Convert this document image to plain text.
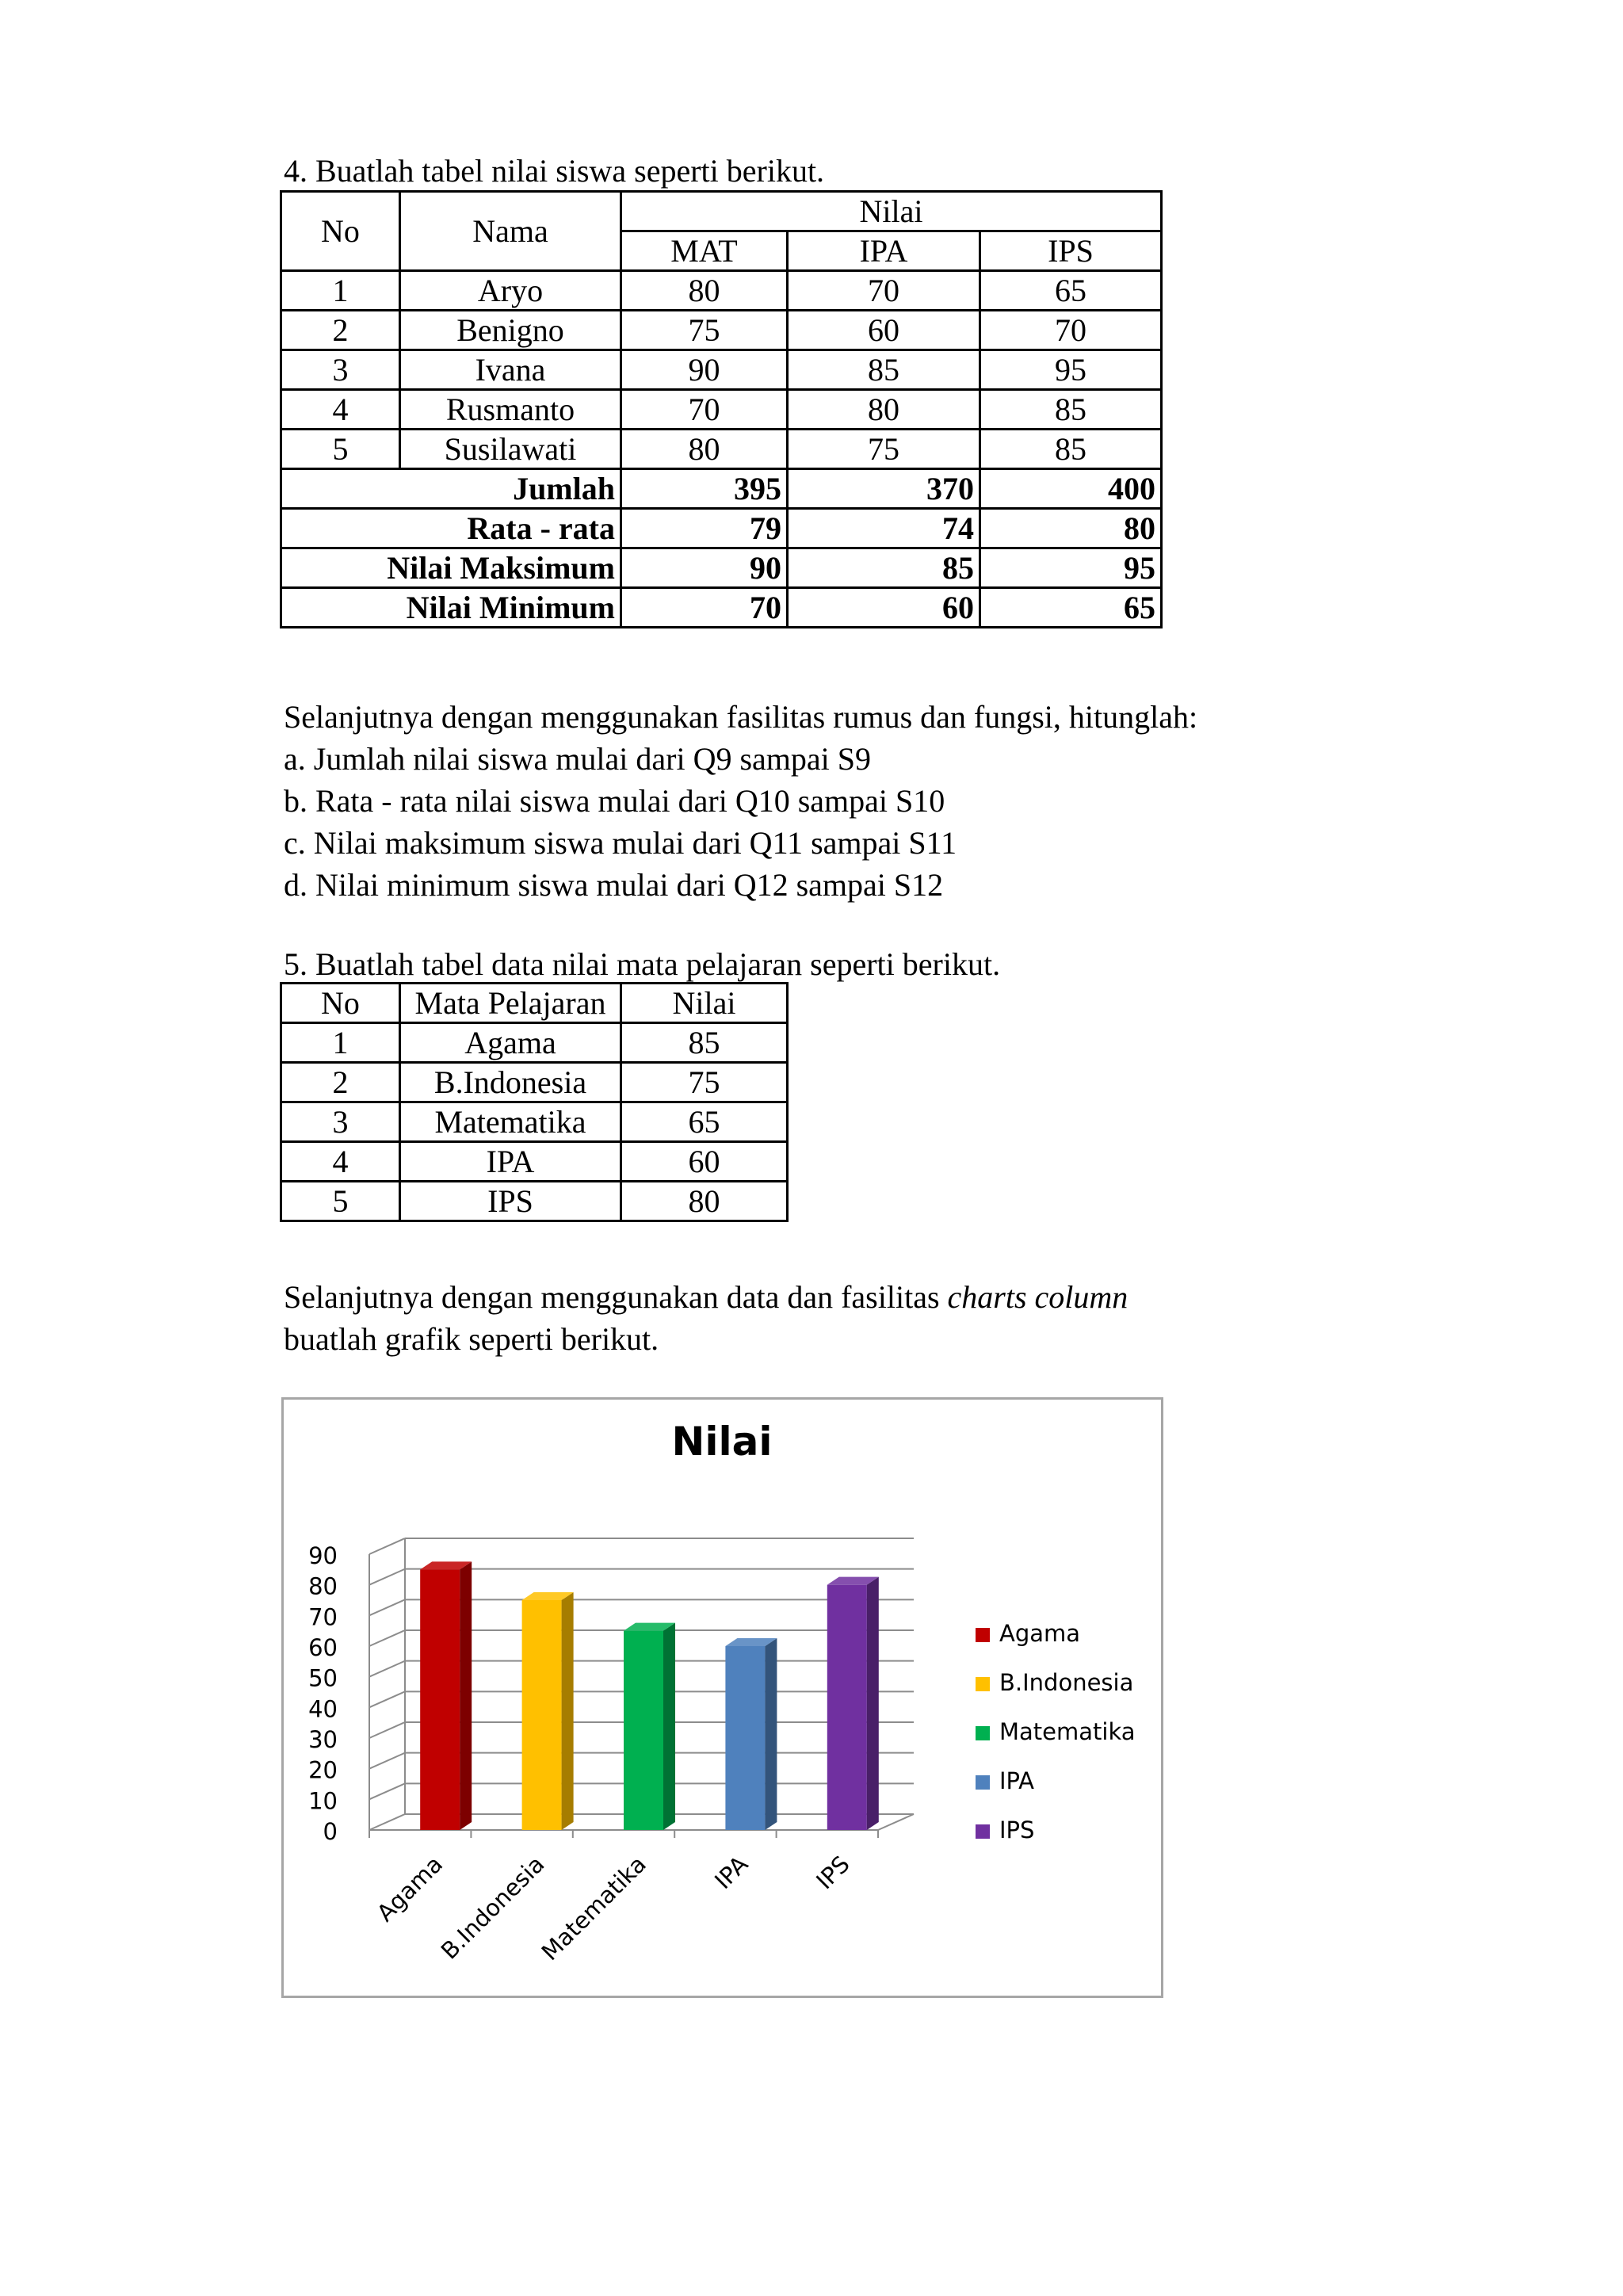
4. Buatlah tabel nilai siswa seperti berikut.
No	Nama	Nilai		
		MAT	IPA	IPS
1	Aryo	80	70	65
2	Benigno	75	60	70
3	Ivana	90	85	95
4	Rusmanto	70	80	85
5	Susilawati	80	75	85
Jumlah		395	370	400
Rata - rata		79	74	80
Nilai Maksimum		90	85	95
Nilai Minimum		70	60	65
Selanjutnya dengan menggunakan fasilitas rumus dan fungsi, hitunglah:
a. Jumlah nilai siswa mulai dari Q9 sampai S9
b. Rata - rata nilai siswa mulai dari Q10 sampai S10
c. Nilai maksimum siswa mulai dari Q11 sampai S11
d. Nilai minimum siswa mulai dari Q12 sampai S12
5. Buatlah tabel data nilai mata pelajaran seperti berikut.
No	Mata Pelajaran	Nilai
1	Agama	85
2	B.Indonesia	75
3	Matematika	65
4	IPA	60
5	IPS	80
Selanjutnya dengan menggunakan data dan fasilitas charts column
buatlah grafik seperti berikut.
Nilai
0
10
20
30
40
50
60
70
80
90
Agama
B.Indonesia
Matematika	IPA	IPS
Agama
B.Indonesia
Matematika
IPA
IPS
